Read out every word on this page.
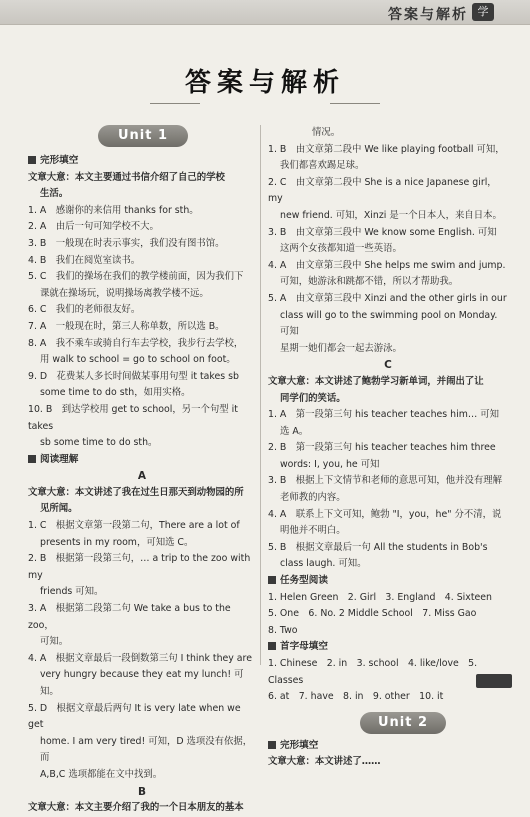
答案与解析 学
答案与解析
Unit 1
完形填空
文章大意：本文主要通过书信介绍了自己的学校
生活。
1. A　感谢你的来信用 thanks for sth。
2. A　由后一句可知学校不大。
3. B　一般现在时表示事实，我们没有图书馆。
4. B　我们在阅览室读书。
5. C　我们的操场在我们的教学楼前面，因为我们下
课就在操场玩，说明操场离教学楼不远。
6. C　我们的老师很友好。
7. A　一般现在时，第三人称单数，所以选 B。
8. A　我不乘车或骑自行车去学校，我步行去学校，
用 walk to school = go to school on foot。
9. D　花费某人多长时间做某事用句型 it takes sb
some time to do sth，如用实格。
10. B　到达学校用 get to school，另一个句型 it takes
sb some time to do sth。
阅读理解
A
文章大意：本文讲述了我在过生日那天到动物园的所
见所闻。
1. C　根据文章第一段第二句，There are a lot of
presents in my room，可知选 C。
2. B　根据第一段第三句，… a trip to the zoo with my
friends 可知。
3. A　根据第二段第二句 We take a bus to the zoo，
可知。
4. A　根据文章最后一段倒数第三句 I think they are
very hungry because they eat my lunch! 可知。
5. D　根据文章最后两句 It is very late when we get
home. I am very tired! 可知，D 选项没有依据，而
A,B,C 选项都能在文中找到。
B
文章大意：本文主要介绍了我的一个日本朋友的基本
情况。
1. B　由文章第二段中 We like playing football 可知，
我们都喜欢踢足球。
2. C　由文章第二段中 She is a nice Japanese girl，my
new friend. 可知，Xinzi 是一个日本人，来自日本。
3. B　由文章第三段中 We know some English. 可知
这两个女孩都知道一些英语。
4. A　由文章第三段中 She helps me swim and jump.
可知，她游泳和跳都不错，所以才帮助我。
5. A　由文章第三段中 Xinzi and the other girls in our
class will go to the swimming pool on Monday. 可知
星期一她们都会一起去游泳。
C
文章大意：本文讲述了鲍勃学习新单词，并闹出了让
同学们的笑话。
1. A　第一段第三句 his teacher teaches him… 可知
选 A。
2. B　第一段第三句 his teacher teaches him three
words: I, you, he 可知
3. B　根据上下文情节和老师的意思可知，他并没有理解
老师教的内容。
4. A　联系上下文可知，鲍勃 "I，you，he" 分不清，说
明他并不明白。
5. B　根据文章最后一句 All the students in Bob's
class laugh. 可知。
任务型阅读
1. Helen Green　2. Girl　3. England　4. Sixteen
5. One　6. No. 2 Middle School　7. Miss Gao
8. Two
首字母填空
1. Chinese　2. in　3. school　4. like/love　5. Classes
6. at　7. have　8. in　9. other　10. it
Unit 2
完形填空
文章大意：本文讲述了……
